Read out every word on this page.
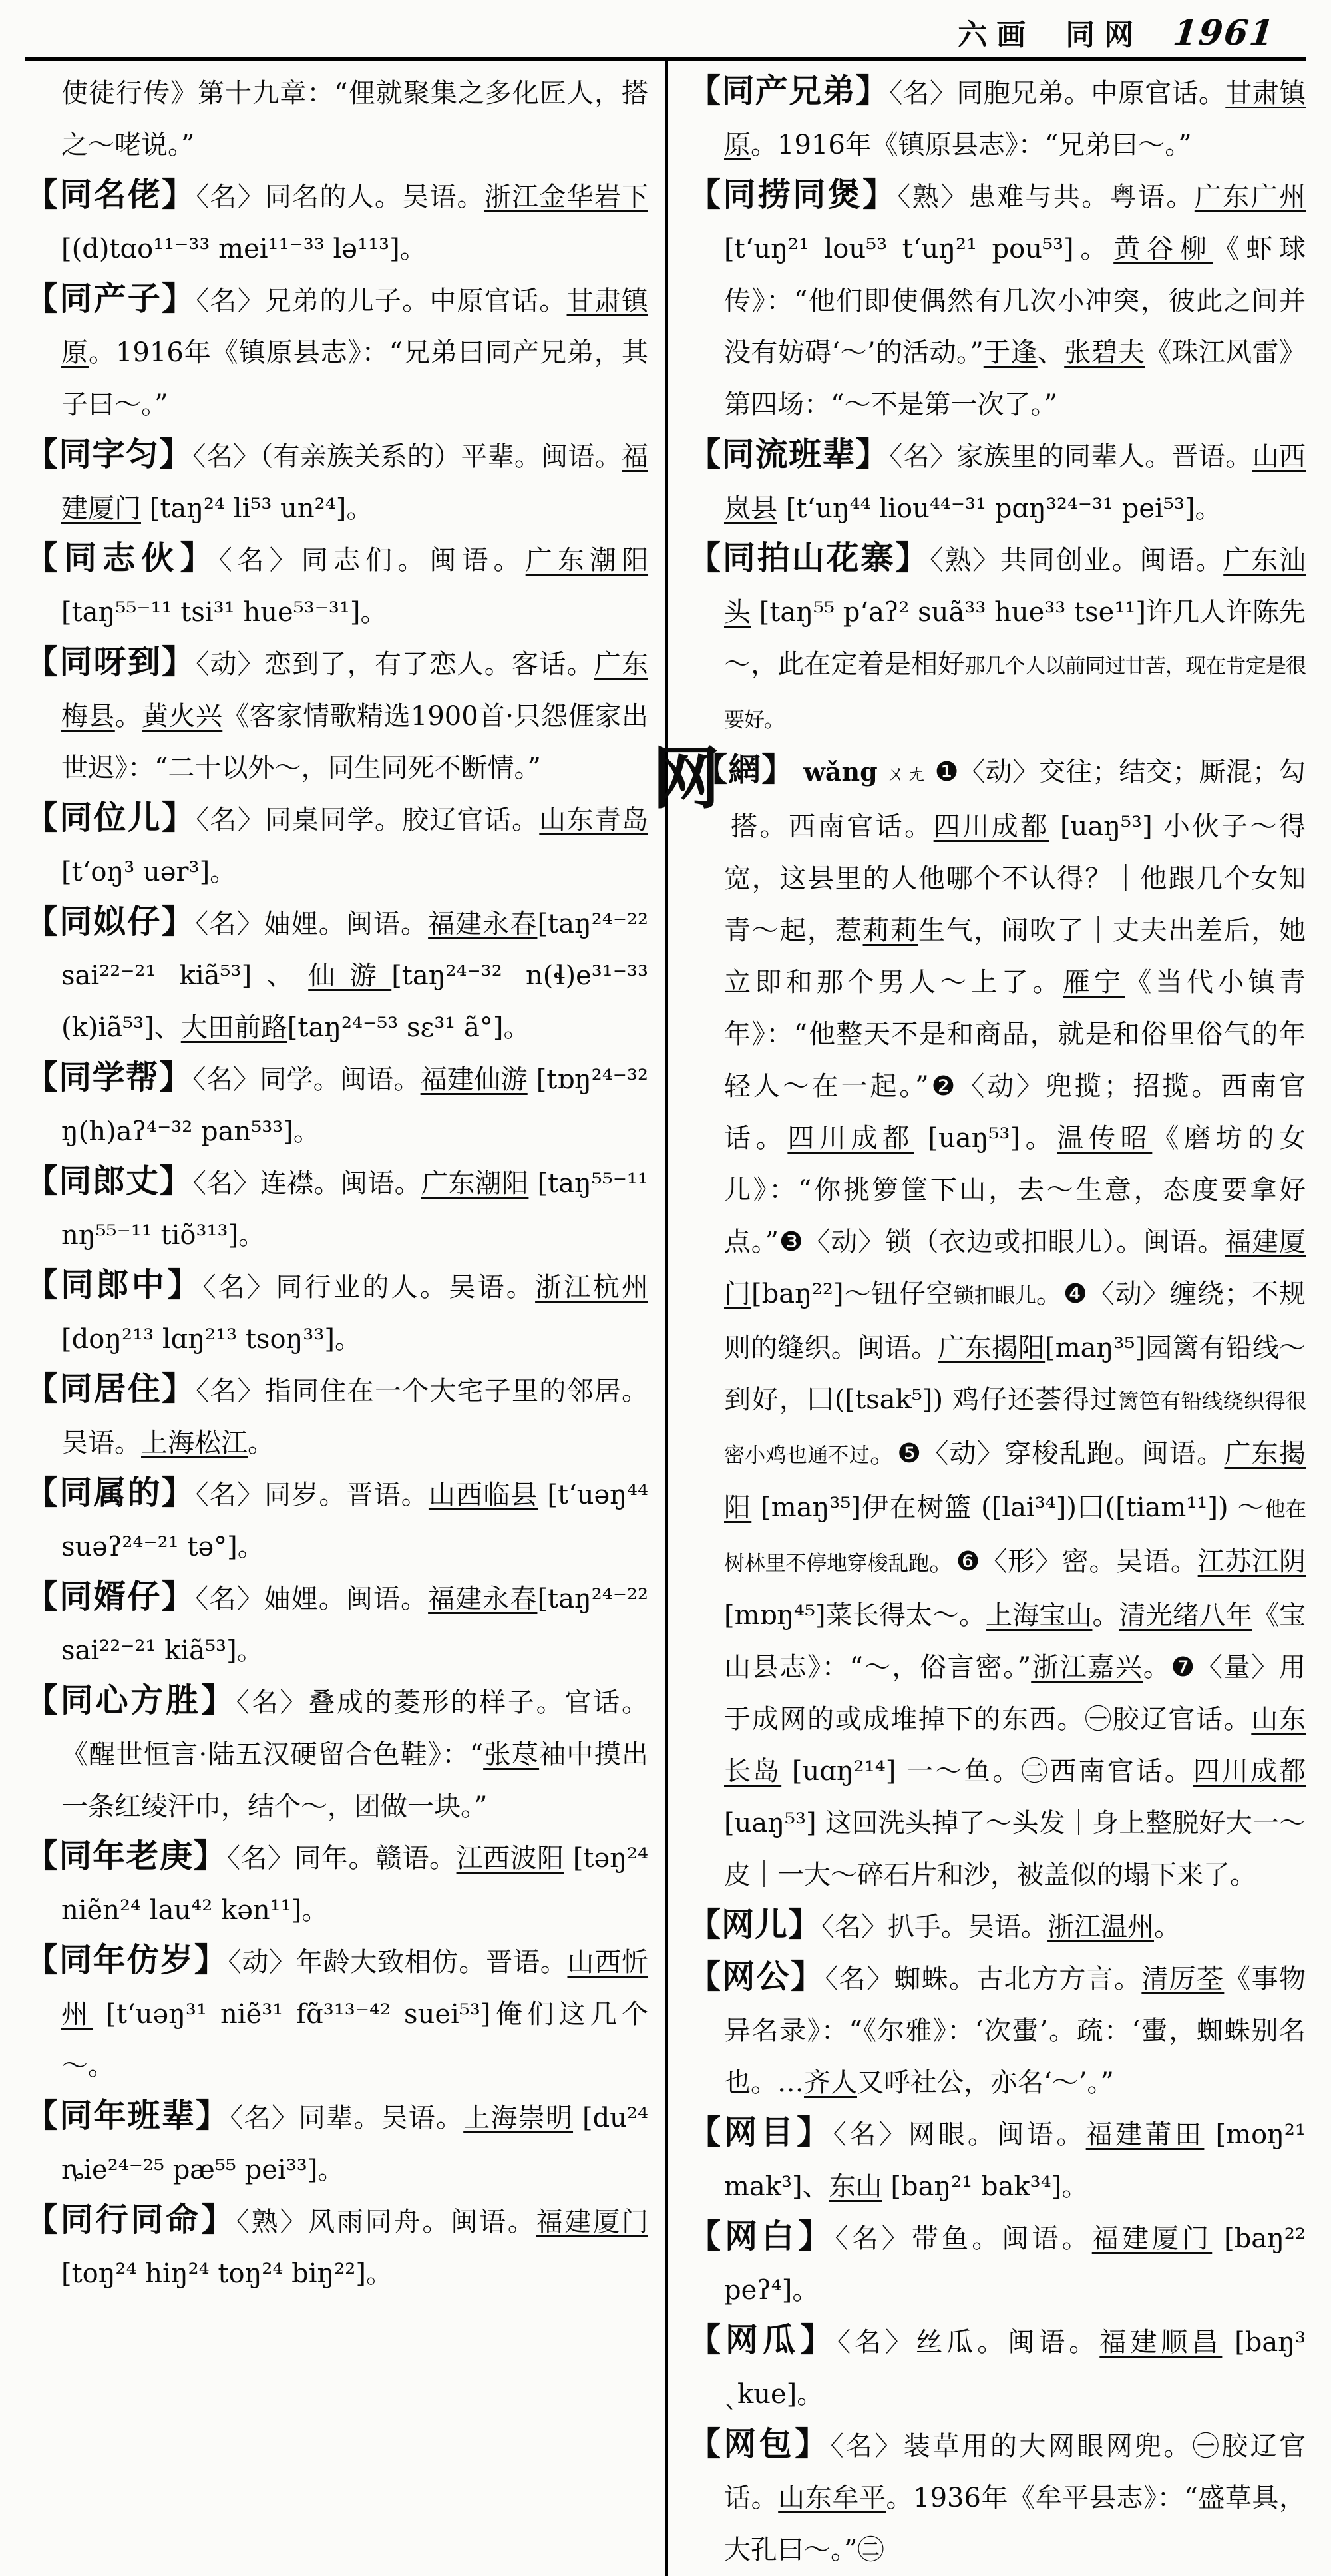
六画 同网 1961
使徒行传》第十九章：“俚就聚集之多化匠人，搭之～咾说。”
【同名佬】〈名〉同名的人。吴语。浙江金华岩下 [(d)tɑo¹¹⁻³³ mei¹¹⁻³³ lə¹¹³]。
【同产子】〈名〉兄弟的儿子。中原官话。甘肃镇原。1916年《镇原县志》：“兄弟曰同产兄弟，其子曰～。”
【同字匀】〈名〉（有亲族关系的）平辈。闽语。福建厦门 [taŋ²⁴ li⁵³ un²⁴]。
【同志伙】〈名〉同志们。闽语。广东潮阳 [taŋ⁵⁵⁻¹¹ tsi³¹ hue⁵³⁻³¹]。
【同呀到】〈动〉恋到了，有了恋人。客话。广东梅县。黄火兴《客家情歌精选1900首·只怨𠊎家出世迟》：“二十以外～，同生同死不断情。”
【同位儿】〈名〉同桌同学。胶辽官话。山东青岛 [t‘oŋ³ uər³]。
【同姒仔】〈名〉妯娌。闽语。福建永春[taŋ²⁴⁻²² sai²²⁻²¹ kiã⁵³]、仙游[taŋ²⁴⁻³² n(ɬ)e³¹⁻³³ (k)iã⁵³]、大田前路[taŋ²⁴⁻⁵³ sɛ³¹ ã°]。
【同学帮】〈名〉同学。闽语。福建仙游 [tɒŋ²⁴⁻³² ŋ(h)aʔ⁴⁻³² pan⁵³³]。
【同郎丈】〈名〉连襟。闽语。广东潮阳 [taŋ⁵⁵⁻¹¹ nŋ⁵⁵⁻¹¹ tiõ³¹³]。
【同郎中】〈名〉同行业的人。吴语。浙江杭州[doŋ²¹³ lɑŋ²¹³ tsoŋ³³]。
【同居住】〈名〉指同住在一个大宅子里的邻居。吴语。上海松江。
【同属的】〈名〉同岁。晋语。山西临县 [t‘uəŋ⁴⁴ suəʔ²⁴⁻²¹ tə°]。
【同婿仔】〈名〉妯娌。闽语。福建永春[taŋ²⁴⁻²² sai²²⁻²¹ kiã⁵³]。
【同心方胜】〈名〉叠成的菱形的样子。官话。《醒世恒言·陆五汉硬留合色鞋》：“张荩袖中摸出一条红绫汗巾，结个～，团做一块。”
【同年老庚】〈名〉同年。赣语。江西波阳 [təŋ²⁴ niẽn²⁴ lau⁴² kən¹¹]。
【同年仿岁】〈动〉年龄大致相仿。晋语。山西忻州 [t‘uəŋ³¹ niẽ³¹ fɑ̃³¹³⁻⁴² suei⁵³]俺们这几个～。
【同年班辈】〈名〉同辈。吴语。上海崇明 [du²⁴ ȵie²⁴⁻²⁵ pæ⁵⁵ pei³³]。
【同行同命】〈熟〉风雨同舟。闽语。福建厦门 [toŋ²⁴ hiŋ²⁴ toŋ²⁴ biŋ²²]。
【同产兄弟】〈名〉同胞兄弟。中原官话。甘肃镇原。1916年《镇原县志》：“兄弟曰～。”
【同捞同煲】〈熟〉患难与共。粤语。广东广州 [t‘uŋ²¹ lou⁵³ t‘uŋ²¹ pou⁵³]。黄谷柳《虾球传》：“他们即使偶然有几次小冲突，彼此之间并没有妨碍‘～’的活动。”于逢、张碧夫《珠江风雷》第四场：“～不是第一次了。”
【同流班辈】〈名〉家族里的同辈人。晋语。山西岚县 [t‘uŋ⁴⁴ liou⁴⁴⁻³¹ pɑŋ³²⁴⁻³¹ pei⁵³]。
【同拍山花寨】〈熟〉共同创业。闽语。广东汕头 [taŋ⁵⁵ p‘aʔ² suã³³ hue³³ tse¹¹]许几人许陈先～，此在定着是相好那几个人以前同过甘苦，现在肯定是很要好。
网
【網】 wǎng ㄨㄤ ❶〈动〉交往；结交；厮混；勾搭。西南官话。四川成都 [uaŋ⁵³] 小伙子～得宽，这县里的人他哪个不认得？｜他跟几个女知青～起，惹莉莉生气，闹吹了｜丈夫出差后，她立即和那个男人～上了。雁宁《当代小镇青年》：“他整天不是和商品，就是和俗里俗气的年轻人～在一起。”❷〈动〉兜揽；招揽。西南官话。四川成都 [uaŋ⁵³]。温传昭《磨坊的女儿》：“你挑箩筐下山，去～生意，态度要拿好点。”❸〈动〉锁（衣边或扣眼儿）。闽语。福建厦门[baŋ²²]～钮仔空锁扣眼儿。❹〈动〉缠绕；不规则的缝织。闽语。广东揭阳[maŋ³⁵]园篱有铅线～到好，囗([tsak⁵]) 鸡仔还荟得过篱笆有铅线绕织得很密小鸡也通不过。❺〈动〉穿梭乱跑。闽语。广东揭阳 [maŋ³⁵]伊在树篮 ([lai³⁴])囗([tiam¹¹]) ～他在树林里不停地穿梭乱跑。❻〈形〉密。吴语。江苏江阴[mɒŋ⁴⁵]菜长得太～。上海宝山。清光绪八年《宝山县志》：“～，俗言密。”浙江嘉兴。❼〈量〉用于成网的或成堆掉下的东西。㊀胶辽官话。山东长岛 [uɑŋ²¹⁴] 一～鱼。㊁西南官话。四川成都 [uaŋ⁵³] 这回洗头掉了～头发｜身上整脱好大一～皮｜一大～碎石片和沙，被盖似的塌下来了。
【网儿】〈名〉扒手。吴语。浙江温州。
【网公】〈名〉蜘蛛。古北方方言。清厉荃《事物异名录》：“《尔雅》：‘次蟗’。疏：‘蟗，蜘蛛别名也。…齐人又呼社公，亦名‘～’。”
【网目】〈名〉网眼。闽语。福建莆田 [moŋ²¹ mak³]、东山 [baŋ²¹ bak³⁴]。
【网白】〈名〉带鱼。闽语。福建厦门 [baŋ²² peʔ⁴]。
【网瓜】〈名〉丝瓜。闽语。福建顺昌 [baŋ³ ˎkue]。
【网包】〈名〉装草用的大网眼网兜。㊀胶辽官话。山东牟平。1936年《牟平县志》：“盛草具，大孔曰～。”㊁
